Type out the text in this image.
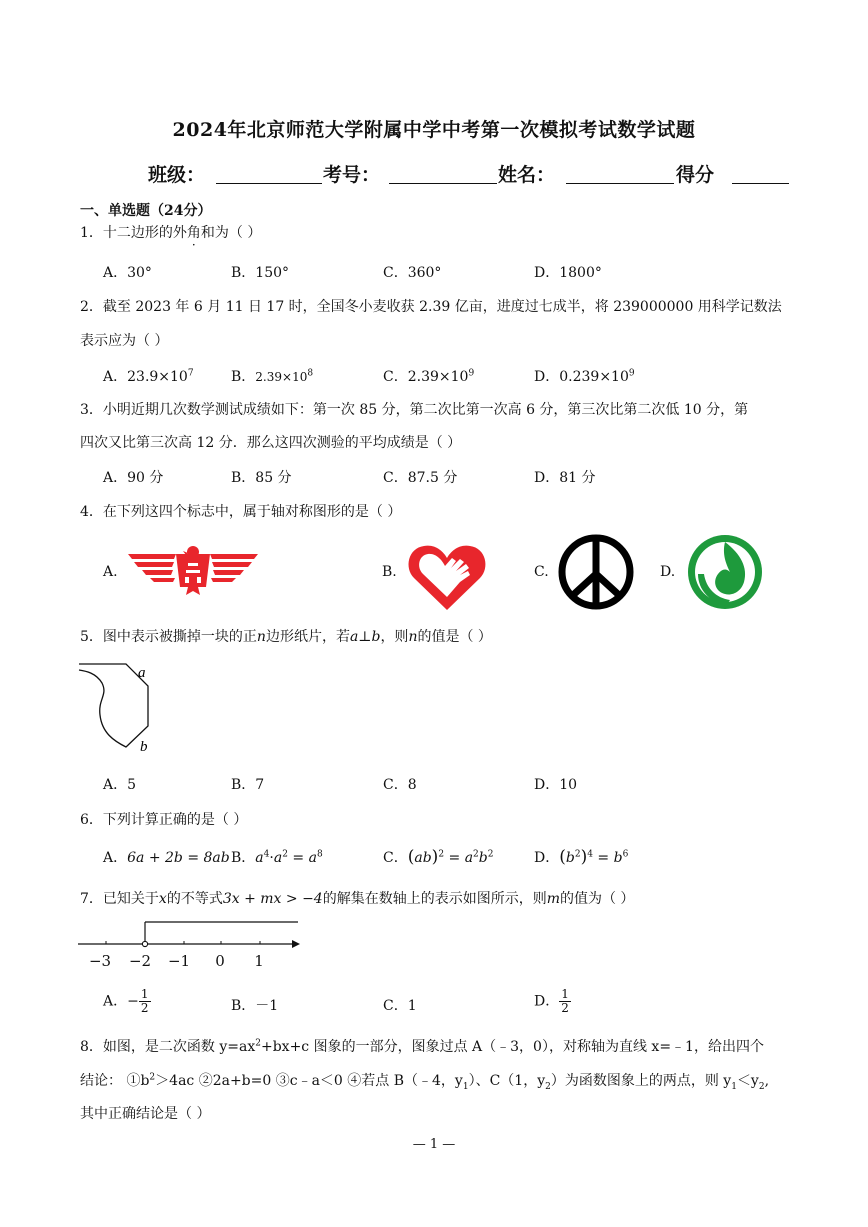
2024年北京师范大学附属中学中考第一次模拟考试数学试题
班级：	考号：	姓名：	得分
一、单选题（24分）
1．十二边形的外角和为（ ）
A．30°	B．150°	C．360°	D．1800°
2．截至 2023 年 6 月 11 日 17 时，全国冬小麦收获 2.39 亿亩，进度过七成半，将 239000000 用科学记数法
表示应为（ ）
A．$23.9\times 10^7$	B．$2.39\times 10^8$	C．$2.39\times 10^9$	D．$0.239\times 10^9$
3．小明近期几次数学测试成绩如下：第一次 85 分，第二次比第一次高 6 分，第三次比第二次低 10 分，第
四次又比第三次高 12 分．那么这四次测验的平均成绩是（ ）
A．90 分	B．85 分	C．87.5 分	D．81 分
4．在下列这四个标志中，属于轴对称图形的是（ ）
A.	B.	C.	D.
5．图中表示被撕掉一块的正n边形纸片，若a⊥b，则n的值是（ ）
a
b
A．5	B．7	C．8	D．10
6．下列计算正确的是（ ）
A．6a + 2b = 8ab B．$a^4\cdot a^2 = a^8$	C．$(ab)^2 = a^2b^2$	D．$(b^2)^4 = b^6$
7．已知关于x的不等式3x + mx > −4的解集在数轴上的表示如图所示，则m的值为（ ）
−3 −2 −1 0 1
A．− $\frac{1}{2}$	B．－1	C．1	D． $\frac{1}{2}$
8．如图，是二次函数 $y=ax^2+bx+c$ 图象的一部分，图象过点 A（﹣3，0），对称轴为直线 x=﹣1，给出四个
结论： $①b^2>4ac$ ②2a+b=0 ③c﹣a＜0 ④若点 B（﹣4，$y_1$）、C（1，$y_2$）为函数图象上的两点，则 $y_1<y_2$,
其中正确结论是（ ）
— 1 —
